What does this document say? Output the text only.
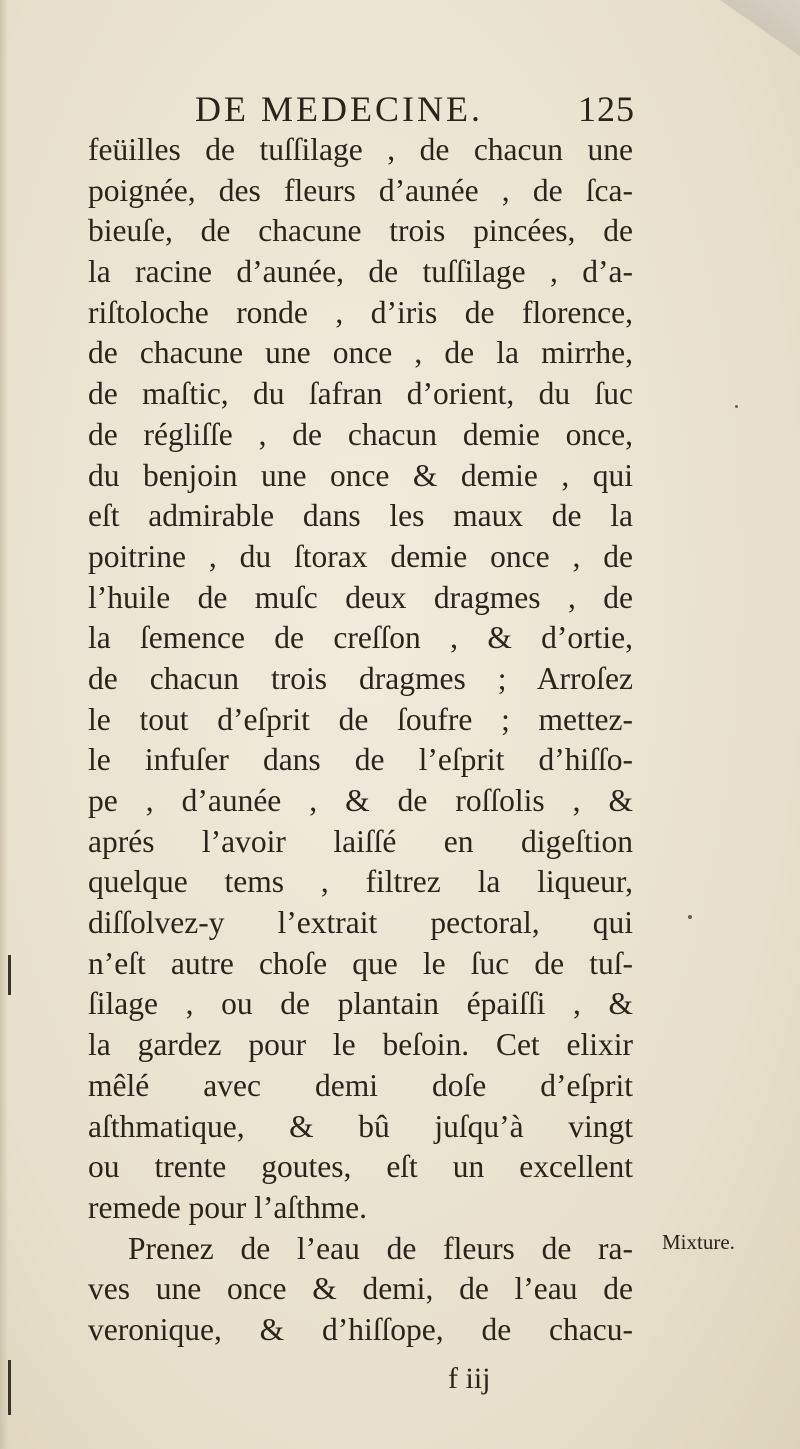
DE MEDECINE.	125
feüilles de tuſſilage , de chacun une
poignée, des fleurs d’aunée , de ſca-
bieuſe, de chacune trois pincées, de
la racine d’aunée, de tuſſilage , d’a-
riſtoloche ronde , d’iris de florence,
de chacune une once , de la mirrhe,
de maſtic, du ſafran d’orient, du ſuc
de régliſſe , de chacun demie once,
du benjoin une once & demie , qui
eſt admirable dans les maux de la
poitrine , du ſtorax demie once , de
l’huile de muſc deux dragmes , de
la ſemence de creſſon , & d’ortie,
de chacun trois dragmes ; Arroſez
le tout d’eſprit de ſoufre ; mettez-
le infuſer dans de l’eſprit d’hiſſo-
pe , d’aunée , & de roſſolis , &
aprés l’avoir laiſſé en digeſtion
quelque tems , filtrez la liqueur,
diſſolvez-y l’extrait pectoral, qui
n’eſt autre choſe que le ſuc de tuſ-
ſilage , ou de plantain épaiſſi , &
la gardez pour le beſoin. Cet elixir
mêlé avec demi doſe d’eſprit
aſthmatique, & bû juſqu’à vingt
ou trente goutes, eſt un excellent
remede pour l’aſthme.
Prenez de l’eau de fleurs de ra-
ves une once & demi, de l’eau de
veronique, & d’hiſſope, de chacu-
Mixture.
f iij
